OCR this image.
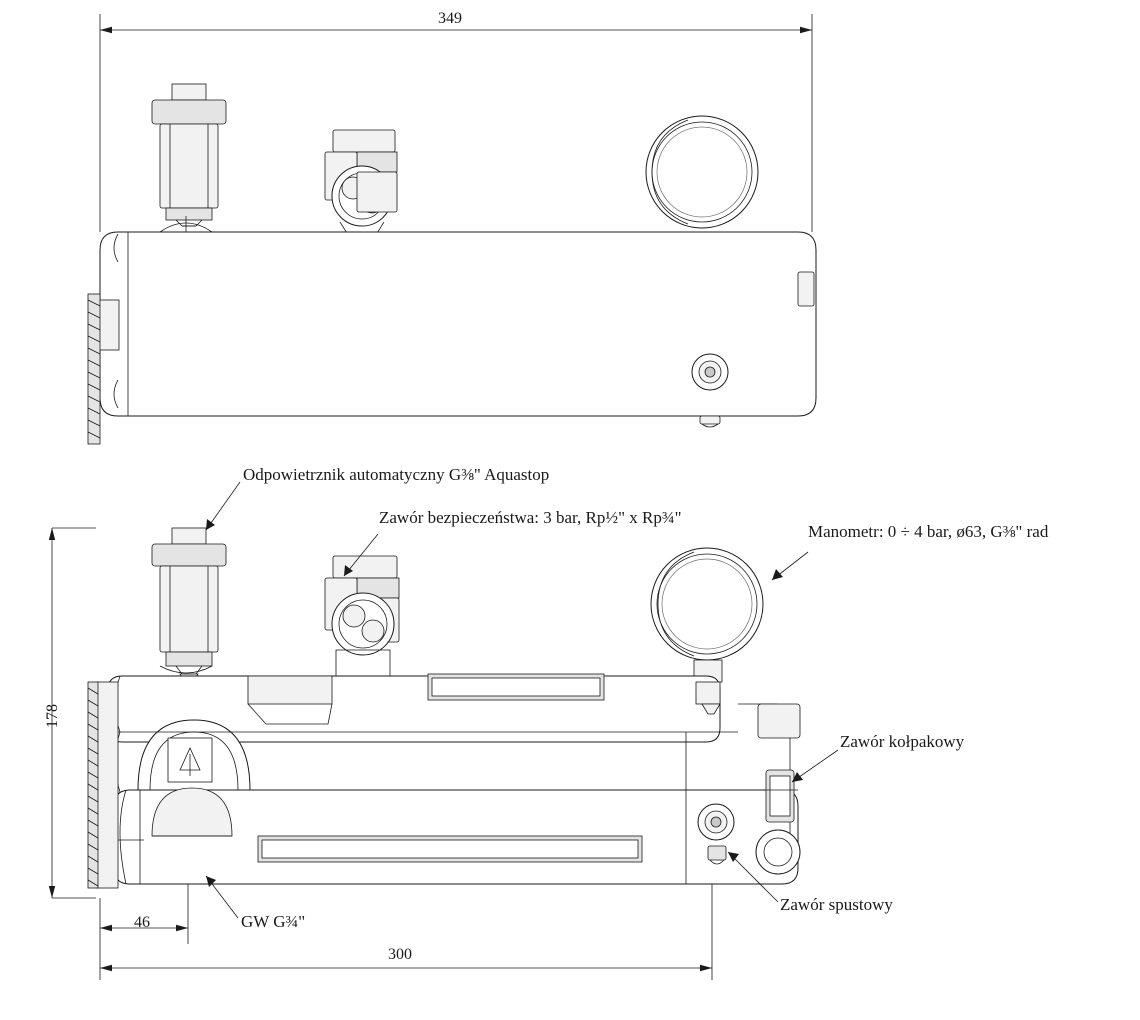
349
178
46
300
Odpowietrznik automatyczny G⅜" Aquastop
Zawór bezpieczeństwa: 3 bar, Rp½" x Rp¾"
Manometr: 0 ÷ 4 bar, ø63, G⅜" rad
Zawór kołpakowy
Zawór spustowy
GW G¾"
